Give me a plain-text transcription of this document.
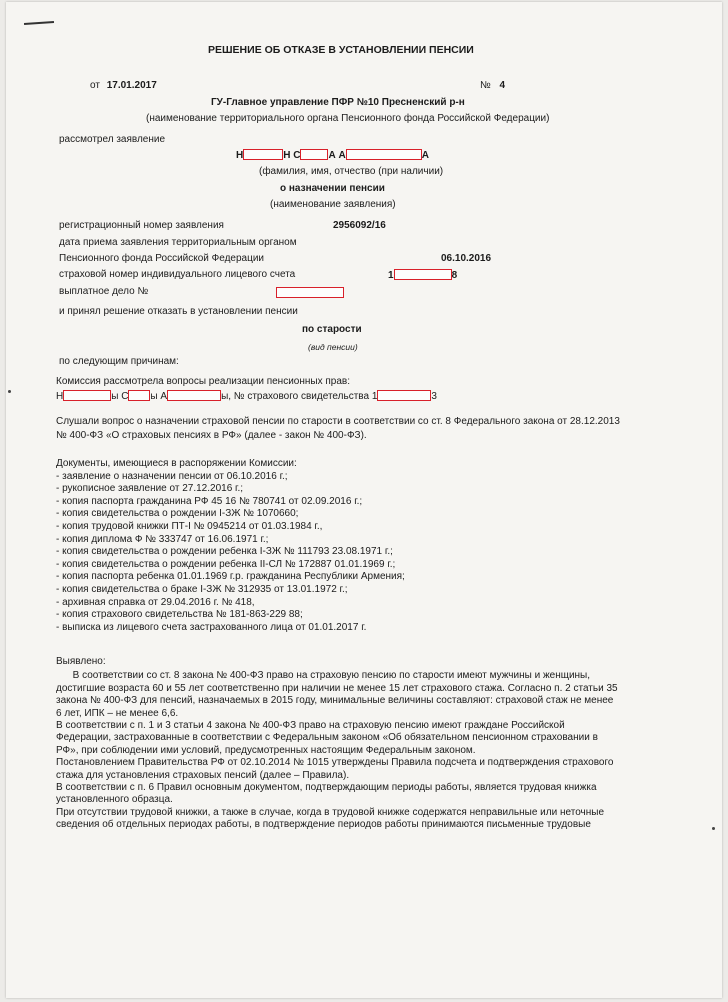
РЕШЕНИЕ ОБ ОТКАЗЕ В УСТАНОВЛЕНИИ ПЕНСИИ
от 17.01.2017	№ 4
ГУ-Главное управление ПФР №10 Пресненский р-н
(наименование территориального органа Пенсионного фонда Российской Федерации)
рассмотрел заявление
Н	Н С	А А	А
(фамилия, имя, отчество (при наличии)
о назначении пенсии
(наименование заявления)
регистрационный номер заявления	2956092/16
дата приема заявления территориальным органом
Пенсионного фонда Российской Федерации	06.10.2016
страховой номер индивидуального лицевого счета	1	8
выплатное дело №
и принял решение отказать в установлении пенсии
по старости
(вид пенсии)
по следующим причинам:
Комиссия рассмотрела вопросы реализации пенсионных прав:
Н	ы С ы А	ы, № страхового свидетельства 1	3
Слушали вопрос о назначении страховой пенсии по старости в соответствии со ст. 8 Федерального закона от 28.12.2013
№ 400-ФЗ «О страховых пенсиях в РФ» (далее - закон № 400-ФЗ).
Документы, имеющиеся в распоряжении Комиссии:
- заявление о назначении пенсии от 06.10.2016 г.;
- рукописное заявление от 27.12.2016 г.;
- копия паспорта гражданина РФ 45 16 № 780741 от 02.09.2016 г.;
- копия свидетельства о рождении I-ЗЖ № 1070660;
- копия трудовой книжки ПТ-I № 0945214 от 01.03.1984 г.,
- копия диплома Ф № 333747 от 16.06.1971 г.;
- копия свидетельства о рождении ребенка I-ЗЖ № 111793 23.08.1971 г.;
- копия свидетельства о рождении ребенка II-СЛ № 172887 01.01.1969 г.;
- копия паспорта ребенка 01.01.1969 г.р. гражданина Республики Армения;
- копия свидетельства о браке I-ЗЖ № 312935 от 13.01.1972 г.;
- архивная справка от 29.04.2016 г. № 418,
- копия страхового свидетельства № 181-863-229 88;
- выписка из лицевого счета застрахованного лица от 01.01.2017 г.
Выявлено:
В соответствии со ст. 8 закона № 400-ФЗ право на страховую пенсию по старости имеют мужчины и женщины,
достигшие возраста 60 и 55 лет соответственно при наличии не менее 15 лет страхового стажа. Согласно п. 2 статьи 35
закона № 400-ФЗ для пенсий, назначаемых в 2015 году, минимальные величины составляют: страховой стаж не менее
6 лет, ИПК – не менее 6,6.
В соответствии с п. 1 и 3 статьи 4 закона № 400-ФЗ право на страховую пенсию имеют граждане Российской
Федерации, застрахованные в соответствии с Федеральным законом «Об обязательном пенсионном страховании в
РФ», при соблюдении ими условий, предусмотренных настоящим Федеральным законом.
Постановлением Правительства РФ от 02.10.2014 № 1015 утверждены Правила подсчета и подтверждения страхового
стажа для установления страховых пенсий (далее – Правила).
В соответствии с п. 6 Правил основным документом, подтверждающим периоды работы, является трудовая книжка
установленного образца.
При отсутствии трудовой книжки, а также в случае, когда в трудовой книжке содержатся неправильные или неточные
сведения об отдельных периодах работы, в подтверждение периодов работы принимаются письменные трудовые
